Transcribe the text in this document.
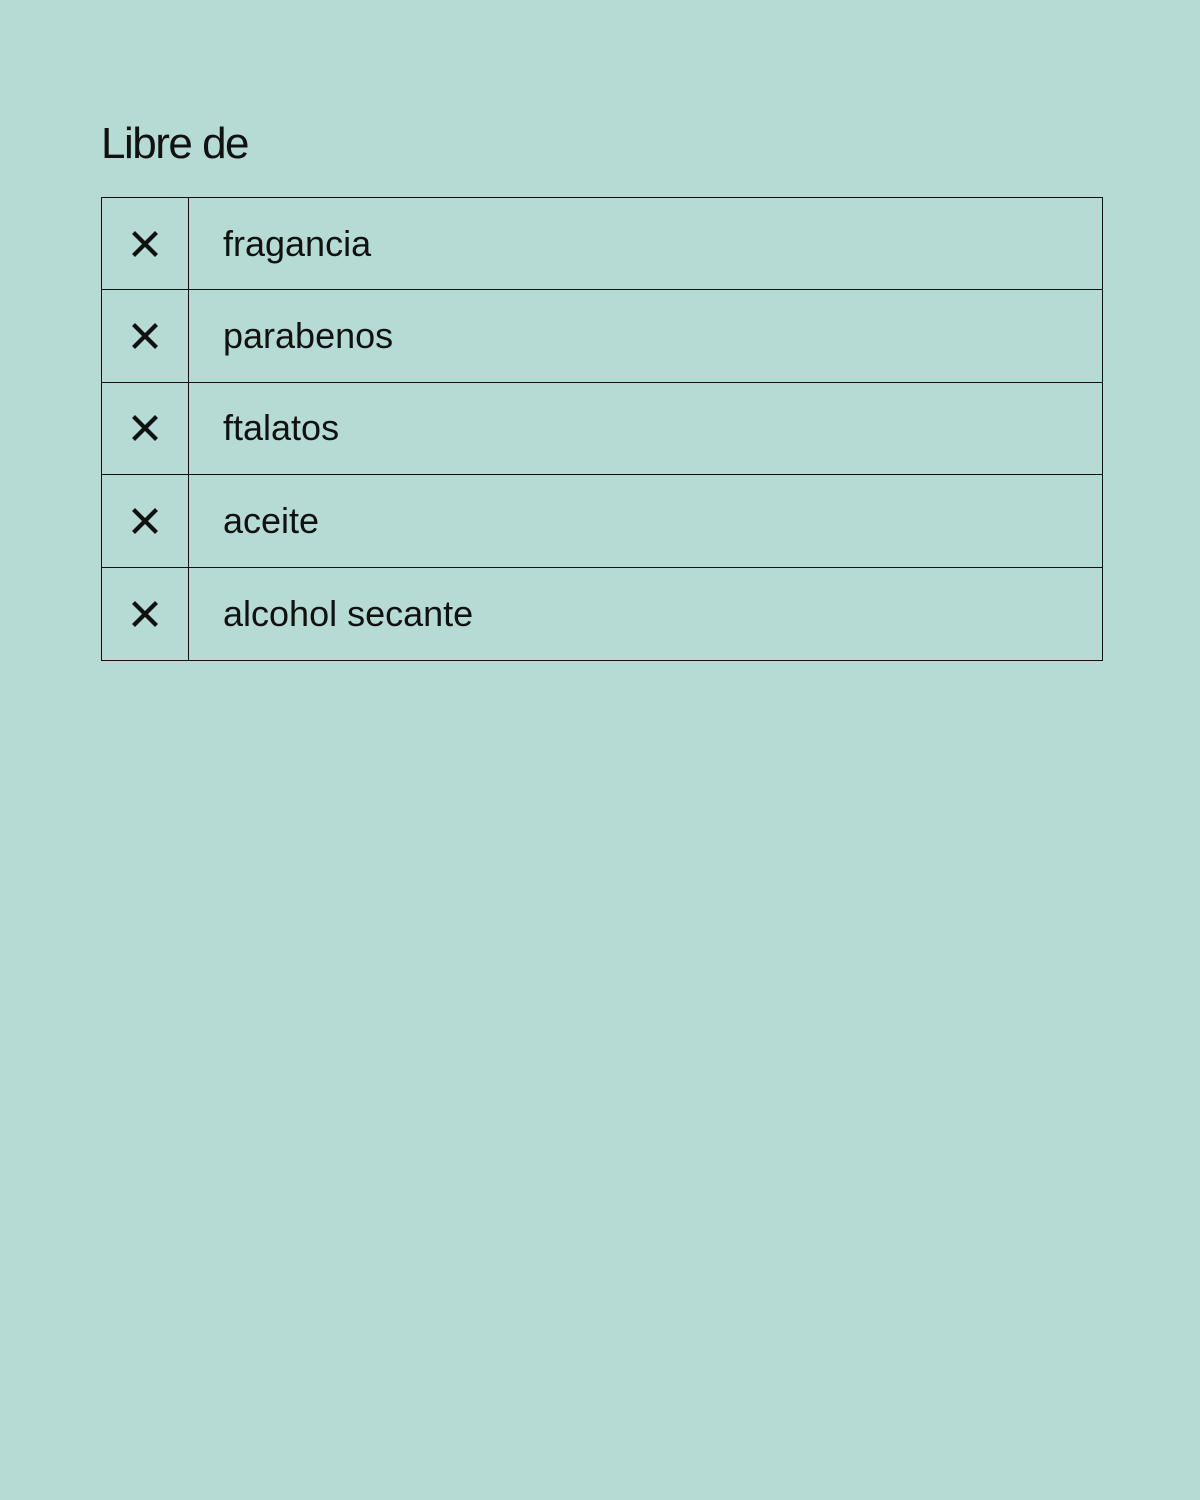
Libre de
fragancia
parabenos
ftalatos
aceite
alcohol secante
